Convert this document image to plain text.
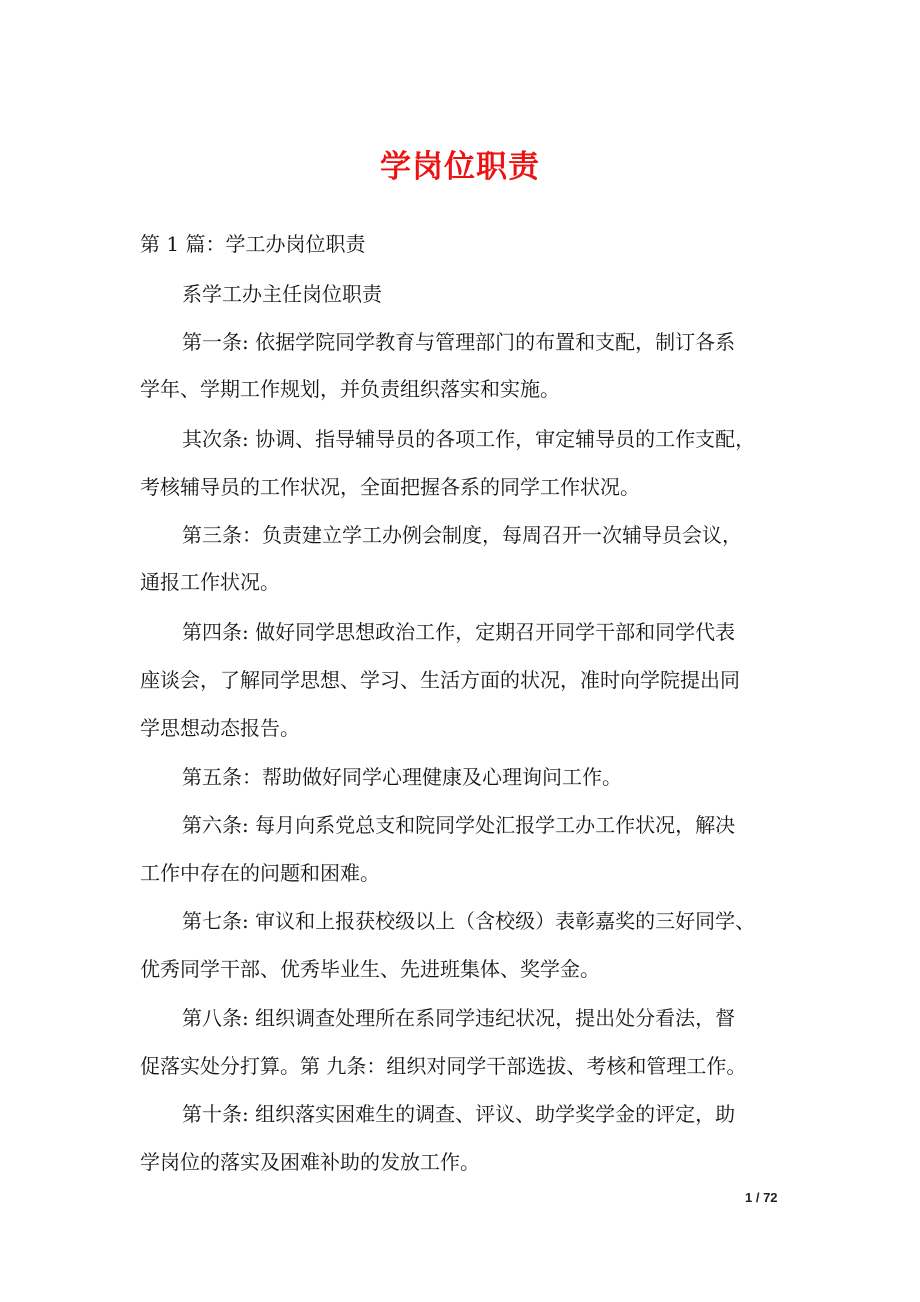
学岗位职责
第 1 篇：学工办岗位职责
系学工办主任岗位职责
第一条: 依据学院同学教育与管理部门的布置和支配，制订各系
学年、学期工作规划，并负责组织落实和实施。
其次条: 协调、指导辅导员的各项工作，审定辅导员的工作支配，
考核辅导员的工作状况，全面把握各系的同学工作状况。
第三条：负责建立学工办例会制度，每周召开一次辅导员会议，
通报工作状况。
第四条: 做好同学思想政治工作，定期召开同学干部和同学代表
座谈会，了解同学思想、学习、生活方面的状况，准时向学院提出同
学思想动态报告。
第五条：帮助做好同学心理健康及心理询问工作。
第六条: 每月向系党总支和院同学处汇报学工办工作状况，解决
工作中存在的问题和困难。
第七条: 审议和上报获校级以上（含校级）表彰嘉奖的三好同学、
优秀同学干部、优秀毕业生、先进班集体、奖学金。
第八条: 组织调查处理所在系同学违纪状况，提出处分看法，督
促落实处分打算。第 九条：组织对同学干部选拔、考核和管理工作。
第十条: 组织落实困难生的调查、评议、助学奖学金的评定，助
学岗位的落实及困难补助的发放工作。
1 / 72
